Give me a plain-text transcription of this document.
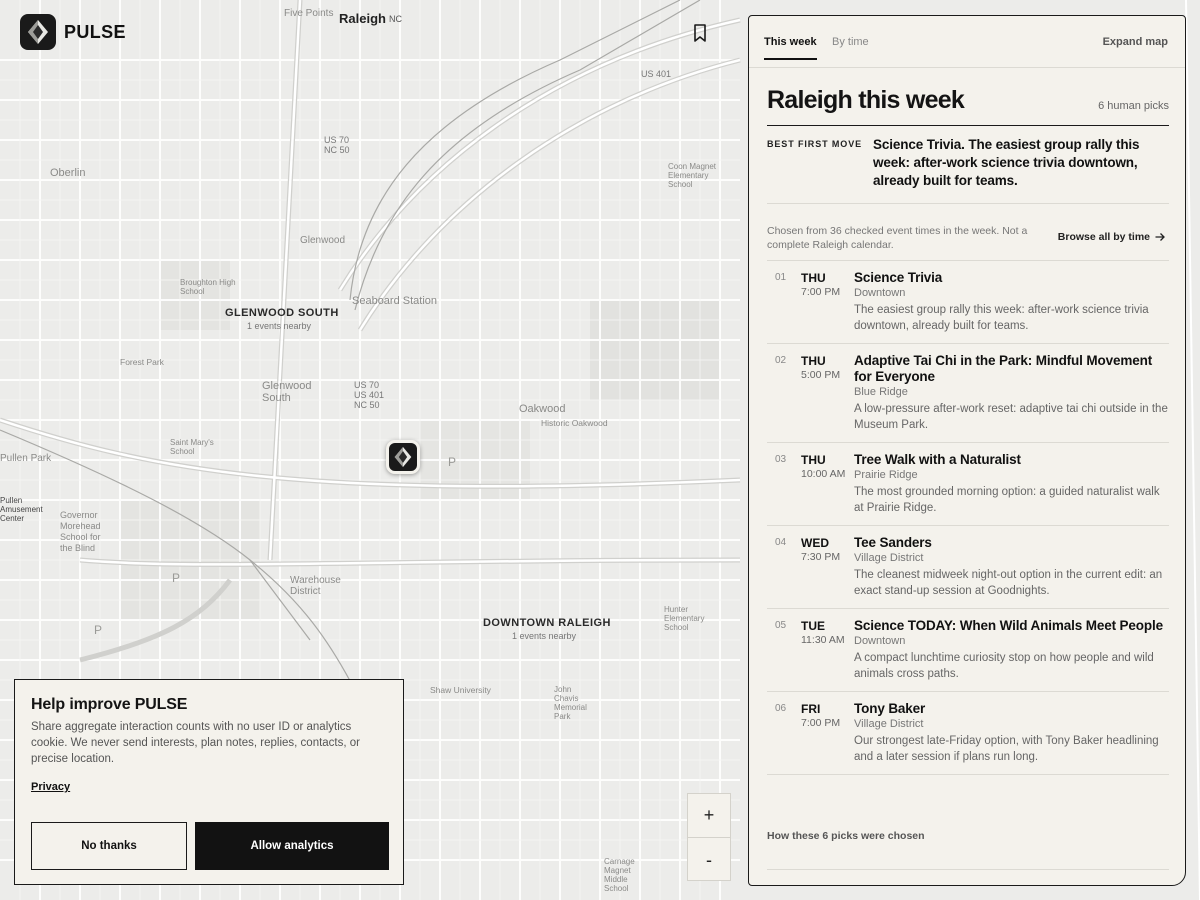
P
P
P
Five Points Raleigh NC
Oberlin
Glenwood
Seaboard Station
Broughton High School
Forest Park
Glenwood South
Saint Mary's School
Pullen Park
Pullen Amusement Center
Oakwood
Historic Oakwood
Governor Morehead School for the Blind
Warehouse District
Coon Magnet Elementary School
Shaw University	John Chavis Memorial Park
Carnage Magnet Middle School
Hunter Elementary School
US 70
NC 50
US 401
US 70
US 401
NC 50
GLENWOOD SOUTH
1 events nearby
DOWNTOWN RALEIGH
1 events nearby
PULSE
+
-
Help improve PULSE

Share aggregate interaction counts with no user ID or analytics cookie. We never send interests, plan notes, replies, contacts, or precise location.

Privacy
No thanks	Allow analytics
This week By time	Expand map
Raleigh this week	6 human picks
BEST FIRST MOVE Science Trivia. The easiest group rally this week: after-work science trivia downtown, already built for teams.
Chosen from 36 checked event times in the week. Not a complete Raleigh calendar.
Browse all by time
01 THU
7:00 PM
Science Trivia
Downtown
The easiest group rally this week: after-work science trivia downtown, already built for teams.
02 THU
5:00 PM
Adaptive Tai Chi in the Park: Mindful Movement for Everyone
Blue Ridge
A low-pressure after-work reset: adaptive tai chi outside in the Museum Park.
03 THU
10:00 AM
Tree Walk with a Naturalist
Prairie Ridge
The most grounded morning option: a guided naturalist walk at Prairie Ridge.
04 WED
7:30 PM
Tee Sanders
Village District
The cleanest midweek night-out option in the current edit: an exact stand-up session at Goodnights.
05 TUE
11:30 AM
Science TODAY: When Wild Animals Meet People
Downtown
A compact lunchtime curiosity stop on how people and wild animals cross paths.
06 FRI
7:00 PM
Tony Baker
Village District
Our strongest late-Friday option, with Tony Baker headlining and a later session if plans run long.
How these 6 picks were chosen
